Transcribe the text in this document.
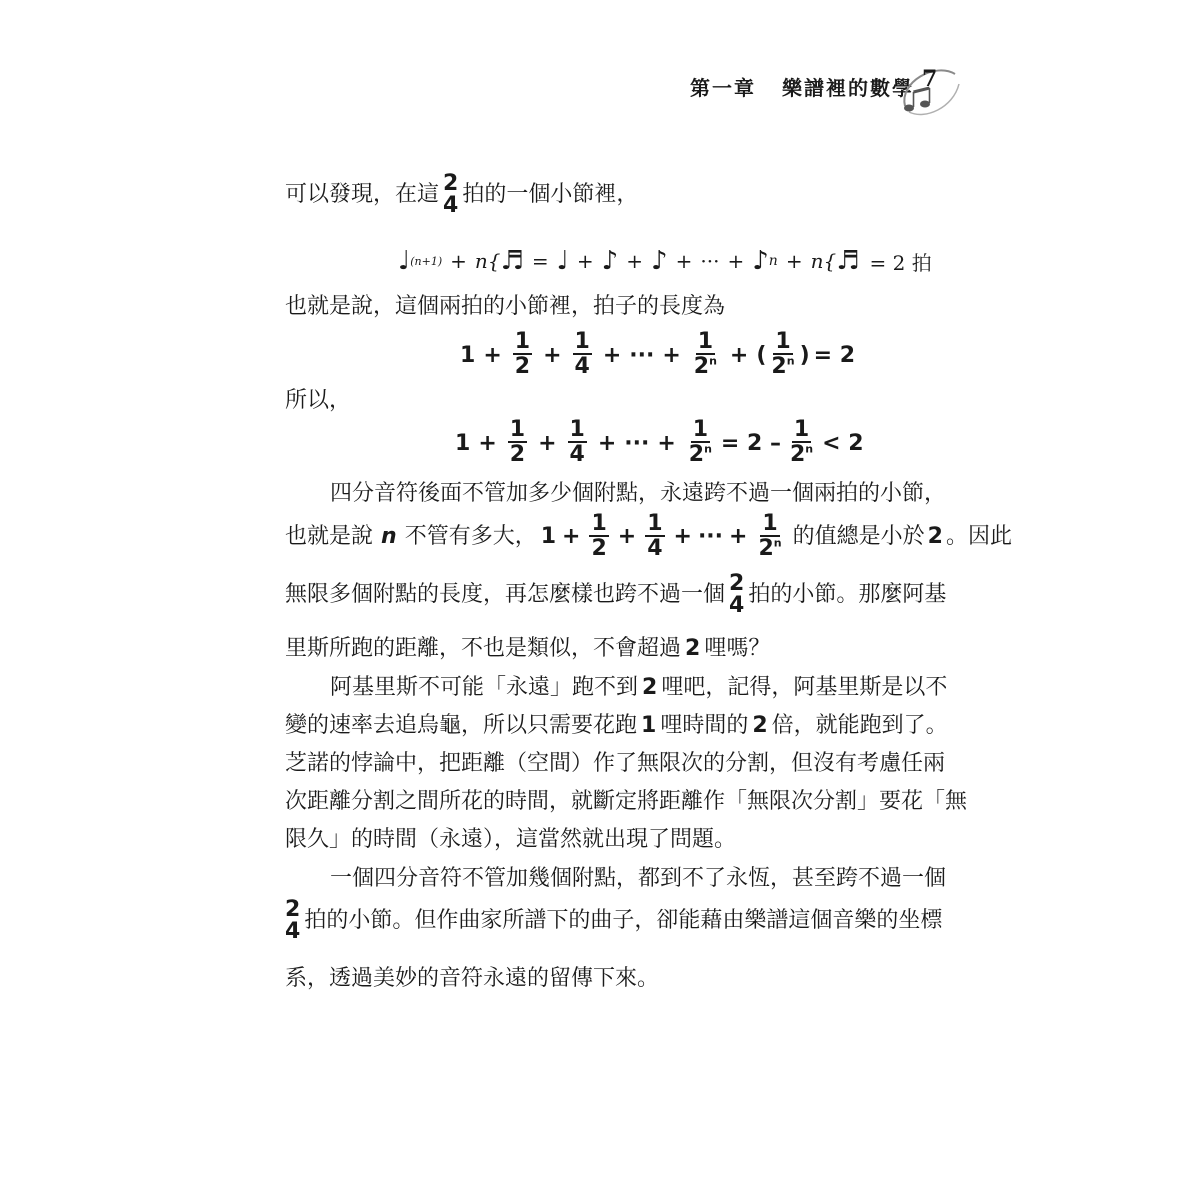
第一章 樂譜裡的數學 7
可以發現，在這 2
4 拍的一個小節裡，
♩ (n+1) + n{ ♬ = ♩ + ♪ + ♪ + ··· + ♪ n + n{ ♬ = 2 拍
也就是說，這個兩拍的小節裡，拍子的長度為
$1 + \frac{1}{2} + \frac{1}{4}$ + ··· + $\frac{1}{2^n}$ + ( $\frac{1}{2^n}$ ) = 2
所以，
$1 + \frac{1}{2} + \frac{1}{4}$ + ··· + $\frac{1}{2^n} = 2 - \frac{1}{2^n} < 2$
四分音符後面不管加多少個附點，永遠跨不過一個兩拍的小節，
也就是說 n 不管有多大， $1 + \frac{1}{2} + \frac{1}{4}$ + ··· + $\frac{1}{2^n}$ 的值總是小於 2 。因此
無限多個附點的長度，再怎麼樣也跨不過一個 2
4 拍的小節。那麼阿基
里斯所跑的距離，不也是類似，不會超過 2 哩嗎？
阿基里斯不可能「永遠」跑不到 2 哩吧，記得，阿基里斯是以不
變的速率去追烏龜，所以只需要花跑 1 哩時間的 2 倍，就能跑到了。
芝諾的悖論中，把距離（空間）作了無限次的分割，但沒有考慮任兩
次距離分割之間所花的時間，就斷定將距離作「無限次分割」要花「無
限久」的時間（永遠），這當然就出現了問題。
一個四分音符不管加幾個附點，都到不了永恆，甚至跨不過一個
2
4 拍的小節。但作曲家所譜下的曲子，卻能藉由樂譜這個音樂的坐標
系，透過美妙的音符永遠的留傳下來。
